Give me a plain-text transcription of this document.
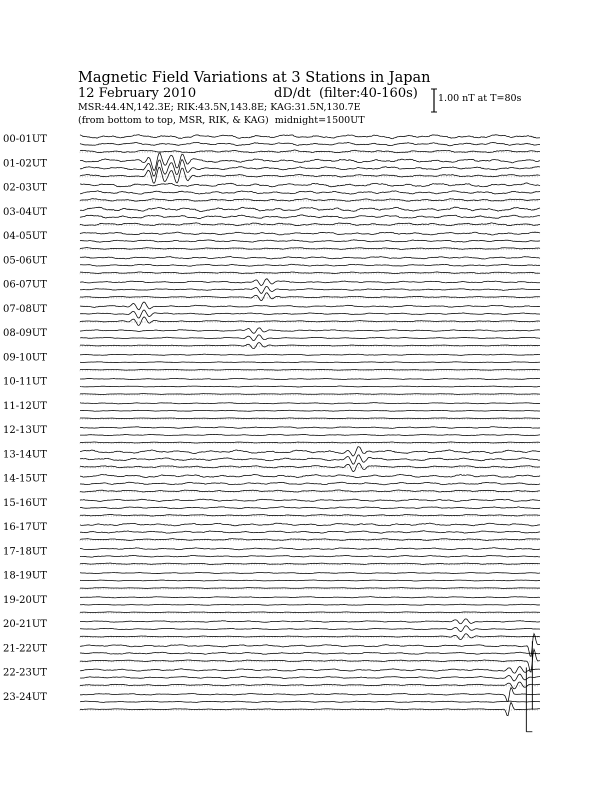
Magnetic Field Variations at 3 Stations in Japan
12 February 2010	dD/dt (filter:40-160s)
MSR:44.4N,142.3E; RIK:43.5N,143.8E; KAG:31.5N,130.7E
(from bottom to top, MSR, RIK, & KAG) midnight=1500UT
1.00 nT at T=80s
00-01UT
01-02UT
02-03UT
03-04UT
04-05UT
05-06UT
06-07UT
07-08UT
08-09UT
09-10UT
10-11UT
11-12UT
12-13UT
13-14UT
14-15UT
15-16UT
16-17UT
17-18UT
18-19UT
19-20UT
20-21UT
21-22UT
22-23UT
23-24UT
